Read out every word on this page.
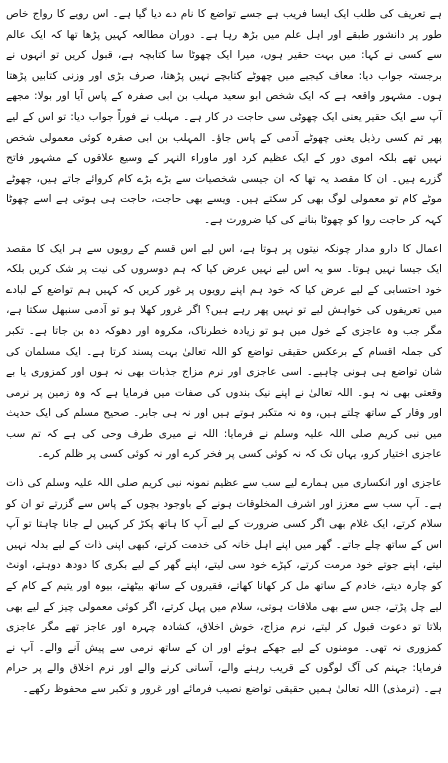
ہے تعریف کی طلب ایک ایسا فریب ہے جسے تواضع کا نام دے دیا گیا ہے۔ اس رویے کا رواج خاص طور پر دانشور طبقے اور اہل علم میں بڑھ رہا ہے۔ دوران مطالعہ کہیں پڑھا تھا کہ ایک عالم سے کسی نے کہا: میں بہت حقیر ہوں، میرا ایک چھوٹا سا کتابچہ ہے، قبول کریں تو انہوں نے برجستہ جواب دیا: معاف کیجیے میں چھوٹے کتابچے نہیں پڑھتا، صرف بڑی اور وزنی کتابیں پڑھتا ہوں۔ مشہور واقعہ ہے کہ ایک شخص ابو سعید مہلب بن ابی صفرہ کے پاس آیا اور بولا: مجھے آپ سے ایک حقیر یعنی ایک چھوٹی سی حاجت در کار ہے۔ مہلب نے فوراً جواب دیا: تو اس کے لیے پھر تم کسی رذیل یعنی چھوٹے آدمی کے پاس جاؤ۔ المہلب بن ابی صفرہ کوئی معمولی شخص نہیں تھے بلکہ اموی دور کے ایک عظیم کرد اور ماوراء النہر کے وسیع علاقوں کے مشہور فاتح گزرے ہیں۔ ان کا مقصد یہ تھا کہ ان جیسی شخصیات سے بڑے بڑے کام کروائے جاتے ہیں، چھوٹے موٹے کام تو معمولی لوگ بھی کر سکتے ہیں۔ ویسے بھی حاجت، حاجت ہی ہوتی ہے اسے چھوٹا کہہ کر حاجت روا کو چھوٹا بنانے کی کیا ضرورت ہے۔

اعمال کا دارو مدار چونکہ نیتوں پر ہوتا ہے، اس لیے اس قسم کے رویوں سے ہر ایک کا مقصد ایک جیسا نہیں ہوتا۔ سو یہ اس لیے نہیں عرض کیا کہ ہم دوسروں کی نیت پر شک کریں بلکہ خود احتسابی کے لیے عرض کیا کہ خود ہم اپنے رویوں پر غور کریں کہ کہیں ہم تواضع کے لبادے میں تعریفوں کی خواہش لیے تو نہیں پھر رہے ہیں؟ اگر غرور کھلا ہو تو آدمی سنبھل سکتا ہے، مگر جب وہ عاجزی کے خول میں ہو تو زیادہ خطرناک، مکروہ اور دھوکہ دہ بن جاتا ہے۔ تکبر کی جملہ اقسام کے برعکس حقیقی تواضع کو اللہ تعالیٰ بہت پسند کرتا ہے۔ ایک مسلمان کی شان تواضع ہی ہونی چاہیے۔ اسی عاجزی اور نرم مزاج جذبات بھی نہ ہوں اور کمزوری یا بے وقعتی بھی نہ ہو۔ اللہ تعالیٰ نے اپنے نیک بندوں کی صفات میں فرمایا ہے کہ وہ زمین پر نرمی اور وقار کے ساتھ چلتے ہیں، وہ نہ متکبر ہوتے ہیں اور نہ ہی جابر۔ صحیح مسلم کی ایک حدیث میں نبی کریم صلی اللہ علیہ وسلم نے فرمایا: اللہ نے میری طرف وحی کی ہے کہ تم سب عاجزی اختیار کرو، یہاں تک کہ نہ کوئی کسی پر فخر کرے اور نہ کوئی کسی پر ظلم کرے۔

عاجزی اور انکساری میں ہمارے لیے سب سے عظیم نمونہ نبی کریم صلی اللہ علیہ وسلم کی ذات ہے۔ آپ سب سے معزز اور اشرف المخلوقات ہونے کے باوجود بچوں کے پاس سے گزرتے تو ان کو سلام کرتے، ایک غلام بھی اگر کسی ضرورت کے لیے آپ کا ہاتھ پکڑ کر کہیں لے جانا چاہتا تو آپ اس کے ساتھ چلے جاتے۔ گھر میں اپنے اہل خانہ کی خدمت کرتے، کبھی اپنی ذات کے لیے بدلہ نہیں لیتے، اپنے جوتے خود مرمت کرتے، کپڑے خود سی لیتے، اپنے گھر کے لیے بکری کا دودھ دوہتے، اونٹ کو چارہ دیتے، خادم کے ساتھ مل کر کھانا کھاتے، فقیروں کے ساتھ بیٹھتے، بیوہ اور یتیم کے کام کے لیے چل پڑتے، جس سے بھی ملاقات ہوتی، سلام میں پہل کرتے، اگر کوئی معمولی چیز کے لیے بھی بلاتا تو دعوت قبول کر لیتے، نرم مزاج، خوش اخلاق، کشادہ چہرہ اور عاجز تھے مگر عاجزی کمزوری نہ تھی۔ مومنوں کے لیے جھکے ہوئے اور ان کے ساتھ نرمی سے پیش آنے والے۔ آپ نے فرمایا: جہنم کی آگ لوگوں کے قریب رہنے والے، آسانی کرنے والے اور نرم اخلاق والے پر حرام ہے۔ (ترمذی) اللہ تعالیٰ ہمیں حقیقی تواضع نصیب فرمائے اور غرور و تکبر سے محفوظ رکھے۔
